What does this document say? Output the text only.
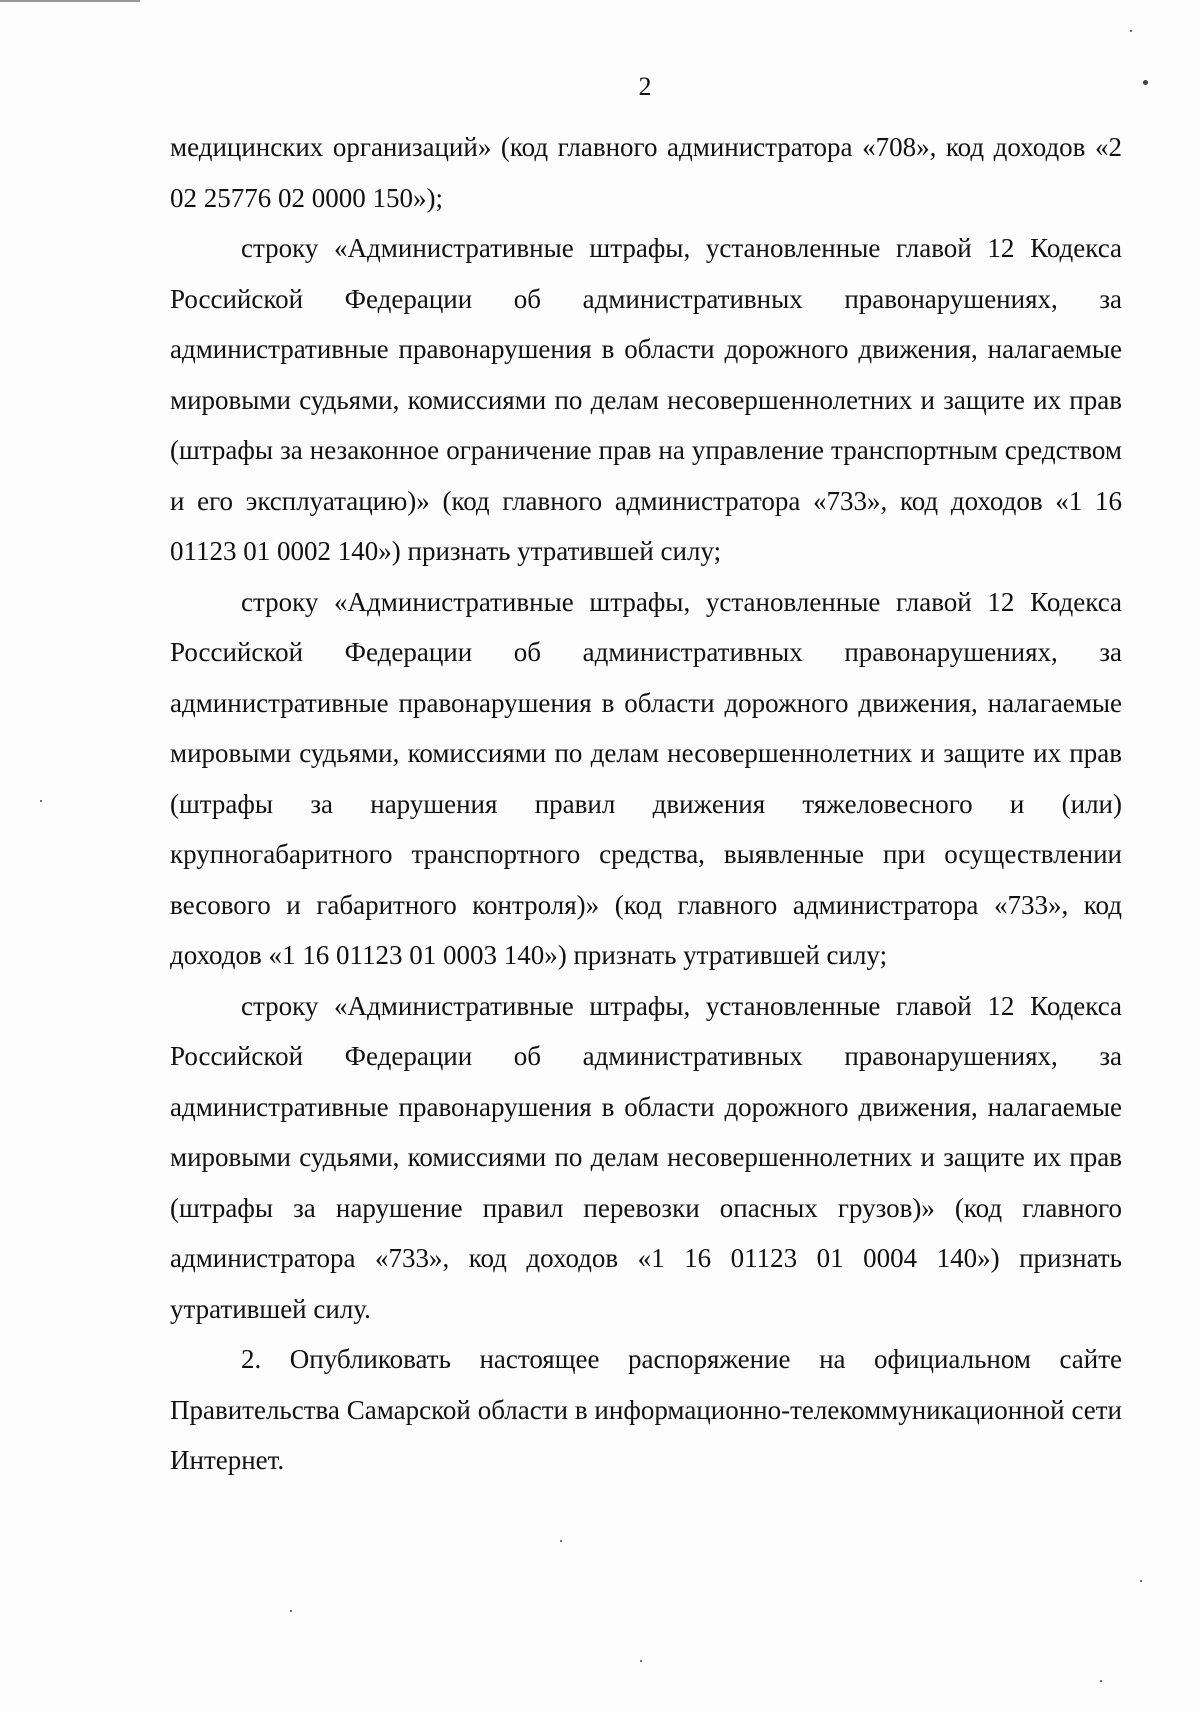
2

медицинских организаций» (код главного администратора «708», код доходов «2 02 25776 02 0000 150»);

строку «Административные штрафы, установленные главой 12 Кодекса Российской Федерации об административных правонарушениях, за административные правонарушения в области дорожного движения, налагаемые мировыми судьями, комиссиями по делам несовершеннолетних и защите их прав (штрафы за незаконное ограничение прав на управление транспортным средством и его эксплуатацию)» (код главного администратора «733», код доходов «1 16 01123 01 0002 140») признать утратившей силу;

строку «Административные штрафы, установленные главой 12 Кодекса Российской Федерации об административных правонарушениях, за административные правонарушения в области дорожного движения, налагаемые мировыми судьями, комиссиями по делам несовершеннолетних и защите их прав (штрафы за нарушения правил движения тяжеловесного и (или) крупногабаритного транспортного средства, выявленные при осуществлении весового и габаритного контроля)» (код главного администратора «733», код доходов «1 16 01123 01 0003 140») признать утратившей силу;

строку «Административные штрафы, установленные главой 12 Кодекса Российской Федерации об административных правонарушениях, за административные правонарушения в области дорожного движения, налагаемые мировыми судьями, комиссиями по делам несовершеннолетних и защите их прав (штрафы за нарушение правил перевозки опасных грузов)» (код главного администратора «733», код доходов «1 16 01123 01 0004 140») признать утратившей силу.

2. Опубликовать настоящее распоряжение на официальном сайте Правительства Самарской области в информационно-телекоммуникационной сети Интернет.
